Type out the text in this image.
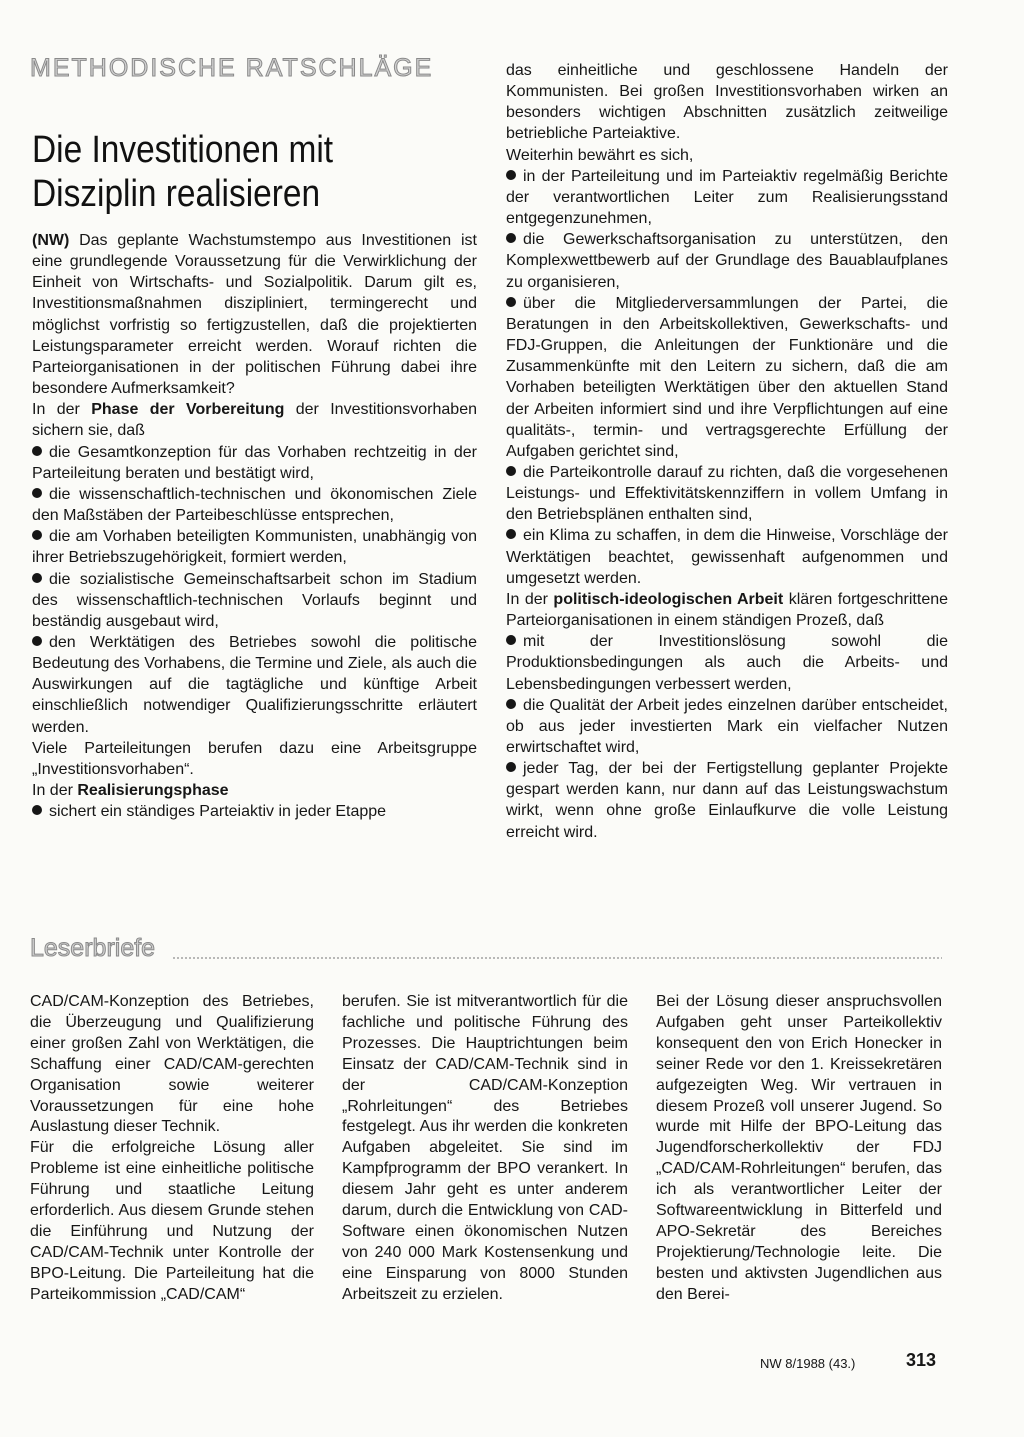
METHODISCHE RATSCHLÄGE
Die Investitionen mit
Disziplin realisieren

(NW) Das geplante Wachstumstempo aus Investitionen ist eine grundlegende Voraussetzung für die Verwirklichung der Einheit von Wirtschafts- und Sozialpolitik. Darum gilt es, Investitionsmaßnahmen diszipliniert, termingerecht und möglichst vorfristig so fertigzustellen, daß die projektierten Leistungsparameter erreicht werden. Worauf richten die Parteiorganisationen in der politischen Führung dabei ihre besondere Aufmerksamkeit?

In der Phase der Vorbereitung der Investitionsvorhaben sichern sie, daß

die Gesamtkonzeption für das Vorhaben rechtzeitig in der Parteileitung beraten und bestätigt wird,

die wissenschaftlich-technischen und ökonomischen Ziele den Maßstäben der Parteibeschlüsse entsprechen,

die am Vorhaben beteiligten Kommunisten, unabhängig von ihrer Betriebszugehörigkeit, formiert werden,

die sozialistische Gemeinschaftsarbeit schon im Stadium des wissenschaftlich-technischen Vorlaufs beginnt und beständig ausgebaut wird,

den Werktätigen des Betriebes sowohl die politische Bedeutung des Vorhabens, die Termine und Ziele, als auch die Auswirkungen auf die tagtägliche und künftige Arbeit einschließlich notwendiger Qualifizierungsschritte erläutert werden.

Viele Parteileitungen berufen dazu eine Arbeitsgruppe „Investitionsvorhaben“.

In der Realisierungsphase

sichert ein ständiges Parteiaktiv in jeder Etappe

das einheitliche und geschlossene Handeln der Kommunisten. Bei großen Investitionsvorhaben wirken an besonders wichtigen Abschnitten zusätzlich zeitweilige betriebliche Parteiaktive.

Weiterhin bewährt es sich,

in der Parteileitung und im Parteiaktiv regelmäßig Berichte der verantwortlichen Leiter zum Realisierungsstand entgegenzunehmen,

die Gewerkschaftsorganisation zu unterstützen, den Komplexwettbewerb auf der Grundlage des Bauablaufplanes zu organisieren,

über die Mitgliederversammlungen der Partei, die Beratungen in den Arbeitskollektiven, Gewerkschafts- und FDJ-Gruppen, die Anleitungen der Funktionäre und die Zusammenkünfte mit den Leitern zu sichern, daß die am Vorhaben beteiligten Werktätigen über den aktuellen Stand der Arbeiten informiert sind und ihre Verpflichtungen auf eine qualitäts-, termin- und vertragsgerechte Erfüllung der Aufgaben gerichtet sind,

die Parteikontrolle darauf zu richten, daß die vorgesehenen Leistungs- und Effektivitätskennziffern in vollem Umfang in den Betriebsplänen enthalten sind,

ein Klima zu schaffen, in dem die Hinweise, Vorschläge der Werktätigen beachtet, gewissenhaft aufgenommen und umgesetzt werden.

In der politisch-ideologischen Arbeit klären fortgeschrittene Parteiorganisationen in einem ständigen Prozeß, daß

mit der Investitionslösung sowohl die Produktionsbedingungen als auch die Arbeits- und Lebensbedingungen verbessert werden,

die Qualität der Arbeit jedes einzelnen darüber entscheidet, ob aus jeder investierten Mark ein vielfacher Nutzen erwirtschaftet wird,

jeder Tag, der bei der Fertigstellung geplanter Projekte gespart werden kann, nur dann auf das Leistungswachstum wirkt, wenn ohne große Einlaufkurve die volle Leistung erreicht wird.

Leserbriefe

CAD/CAM-Konzeption des Betriebes, die Überzeugung und Qualifizierung einer großen Zahl von Werktätigen, die Schaffung einer CAD/CAM-gerechten Organisation sowie weiterer Voraussetzungen für eine hohe Auslastung dieser Technik.

Für die erfolgreiche Lösung aller Probleme ist eine einheitliche politische Führung und staatliche Leitung erforderlich. Aus diesem Grunde stehen die Einführung und Nutzung der CAD/CAM-Technik unter Kontrolle der BPO-Leitung. Die Parteileitung hat die Parteikommission „CAD/CAM“

berufen. Sie ist mitverantwortlich für die fachliche und politische Führung des Prozesses. Die Hauptrichtungen beim Einsatz der CAD/CAM-Technik sind in der CAD/CAM-Konzeption „Rohrleitungen“ des Betriebes festgelegt. Aus ihr werden die konkreten Aufgaben abgeleitet. Sie sind im Kampfprogramm der BPO verankert. In diesem Jahr geht es unter anderem darum, durch die Entwicklung von CAD-Software einen ökonomischen Nutzen von 240 000 Mark Kostensenkung und eine Einsparung von 8000 Stunden Arbeitszeit zu erzielen.

Bei der Lösung dieser anspruchsvollen Aufgaben geht unser Parteikollektiv konsequent den von Erich Honecker in seiner Rede vor den 1. Kreissekretären aufgezeigten Weg. Wir vertrauen in diesem Prozeß voll unserer Jugend. So wurde mit Hilfe der BPO-Leitung das Jugendforscherkollektiv der FDJ „CAD/CAM-Rohrleitungen“ berufen, das ich als verantwortlicher Leiter der Softwareentwicklung in Bitterfeld und APO-Sekretär des Bereiches Projektierung/Technologie leite. Die besten und aktivsten Jugendlichen aus den Berei-

NW 8/1988 (43.)	313
